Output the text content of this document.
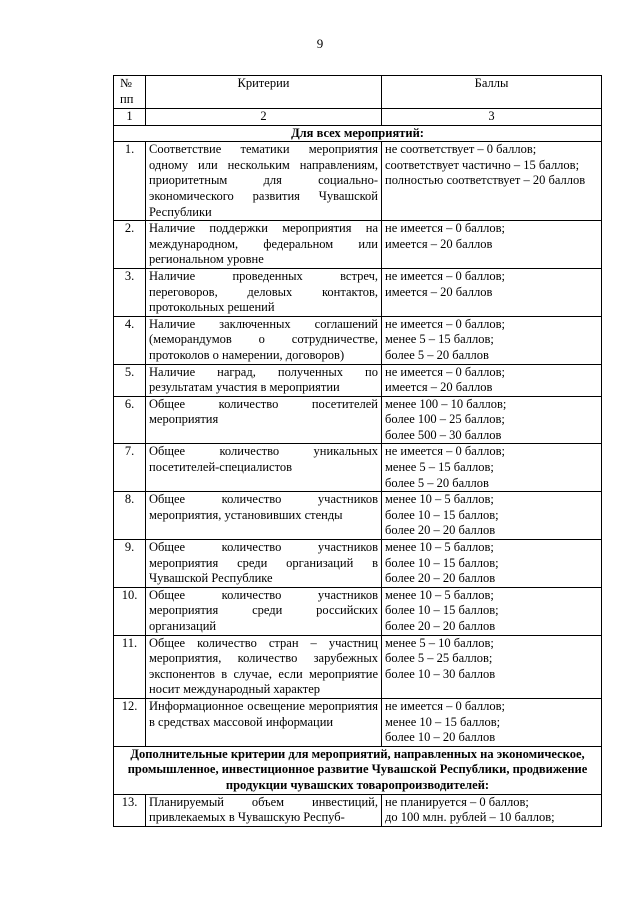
9
№
пп	Критерии	Баллы
1	2	3
Для всех мероприятий:		
1.	Соответствие тематики мероприятия одному или нескольким направлениям, приоритетным для социально-экономического развития Чувашской Республики	не соответствует – 0 баллов;
соответствует частично – 15 баллов;
полностью соответствует – 20 баллов

2.	Наличие поддержки мероприятия на международном, федеральном или региональном уровне	не имеется – 0 баллов;
имеется – 20 баллов

3.	Наличие проведенных встреч, переговоров, деловых контактов, протокольных решений	не имеется – 0 баллов;
имеется – 20 баллов

4.	Наличие заключенных соглашений (меморандумов о сотрудничестве, протоколов о намерении, договоров)	не имеется – 0 баллов;
менее 5 – 15 баллов;
более 5 – 20 баллов

5.	Наличие наград, полученных по результатам участия в мероприятии	не имеется – 0 баллов;
имеется – 20 баллов

6.	Общее количество посетителей мероприятия	менее 100 – 10 баллов;
более 100 – 25 баллов;
более 500 – 30 баллов

7.	Общее количество уникальных посетителей-специалистов	не имеется – 0 баллов;
менее 5 – 15 баллов;
более 5 – 20 баллов

8.	Общее количество участников мероприятия, установивших стенды	менее 10 – 5 баллов;
более 10 – 15 баллов;
более 20 – 20 баллов

9.	Общее количество участников мероприятия среди организаций в Чувашской Республике	менее 10 – 5 баллов;
более 10 – 15 баллов;
более 20 – 20 баллов

10.	Общее количество участников мероприятия среди российских организаций	менее 10 – 5 баллов;
более 10 – 15 баллов;
более 20 – 20 баллов

11.	Общее количество стран – участниц мероприятия, количество зарубежных экспонентов в случае, если мероприятие носит международный характер	менее 5 – 10 баллов;
более 5 – 25 баллов;
более 10 – 30 баллов

12.	Информационное освещение мероприятия в средствах массовой информации	не имеется – 0 баллов;
менее 10 – 15 баллов;
более 10 – 20 баллов

Дополнительные критерии для мероприятий, направленных на экономическое, промышленное, инвестиционное развитие Чувашской Республики, продвижение продукции чувашских товаропроизводителей:		
13.	Планируемый объем инвестиций, привлекаемых в Чувашскую Респуб-	не планируется – 0 баллов;
до 100 млн. рублей – 10 баллов;
